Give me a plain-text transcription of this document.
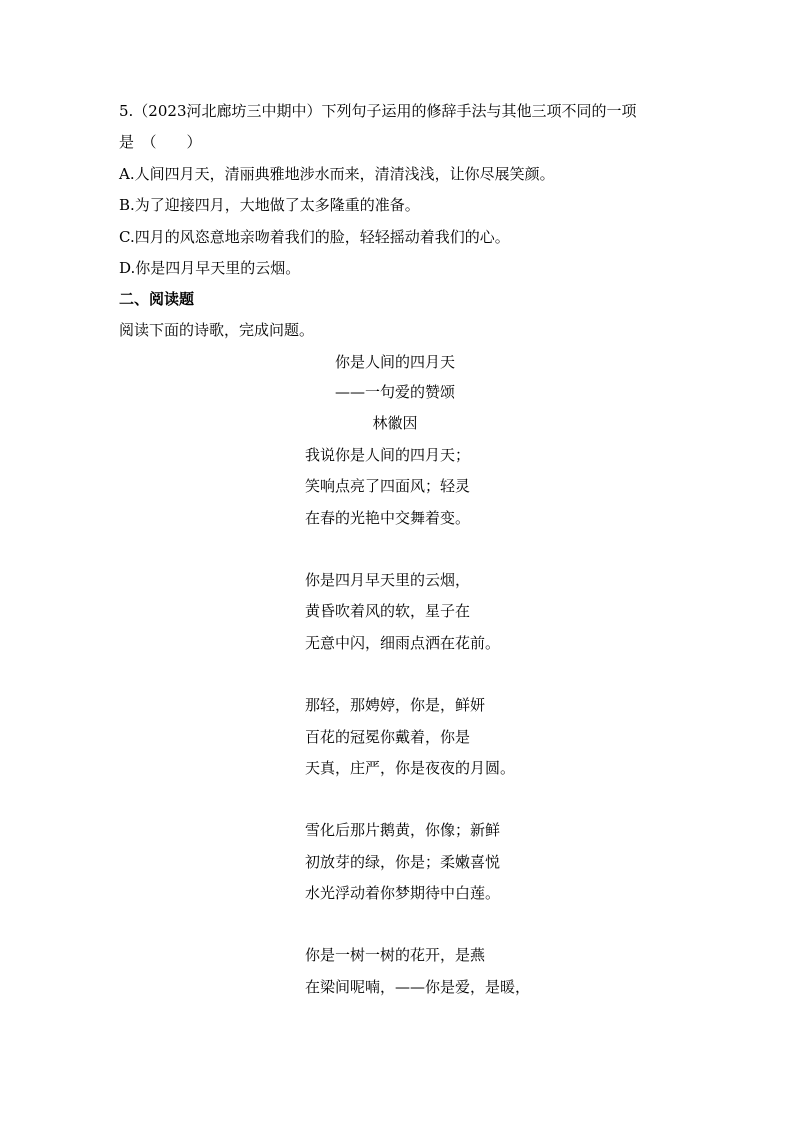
5.（2023河北廊坊三中期中）下列句子运用的修辞手法与其他三项不同的一项
是　（　　）
A.人间四月天，清丽典雅地涉水而来，清清浅浅，让你尽展笑颜。
B.为了迎接四月，大地做了太多隆重的准备。
C.四月的风恣意地亲吻着我们的脸，轻轻摇动着我们的心。
D.你是四月早天里的云烟。
二、阅读题
阅读下面的诗歌，完成问题。
你是人间的四月天
——一句爱的赞颂
林徽因
我说你是人间的四月天；
笑响点亮了四面风；轻灵
在春的光艳中交舞着变。
你是四月早天里的云烟，
黄昏吹着风的软，星子在
无意中闪，细雨点洒在花前。
那轻，那娉婷，你是，鲜妍
百花的冠冕你戴着，你是
天真，庄严，你是夜夜的月圆。
雪化后那片鹅黄，你像；新鲜
初放芽的绿，你是；柔嫩喜悦
水光浮动着你梦期待中白莲。
你是一树一树的花开，是燕
在梁间呢喃，——你是爱，是暖，
